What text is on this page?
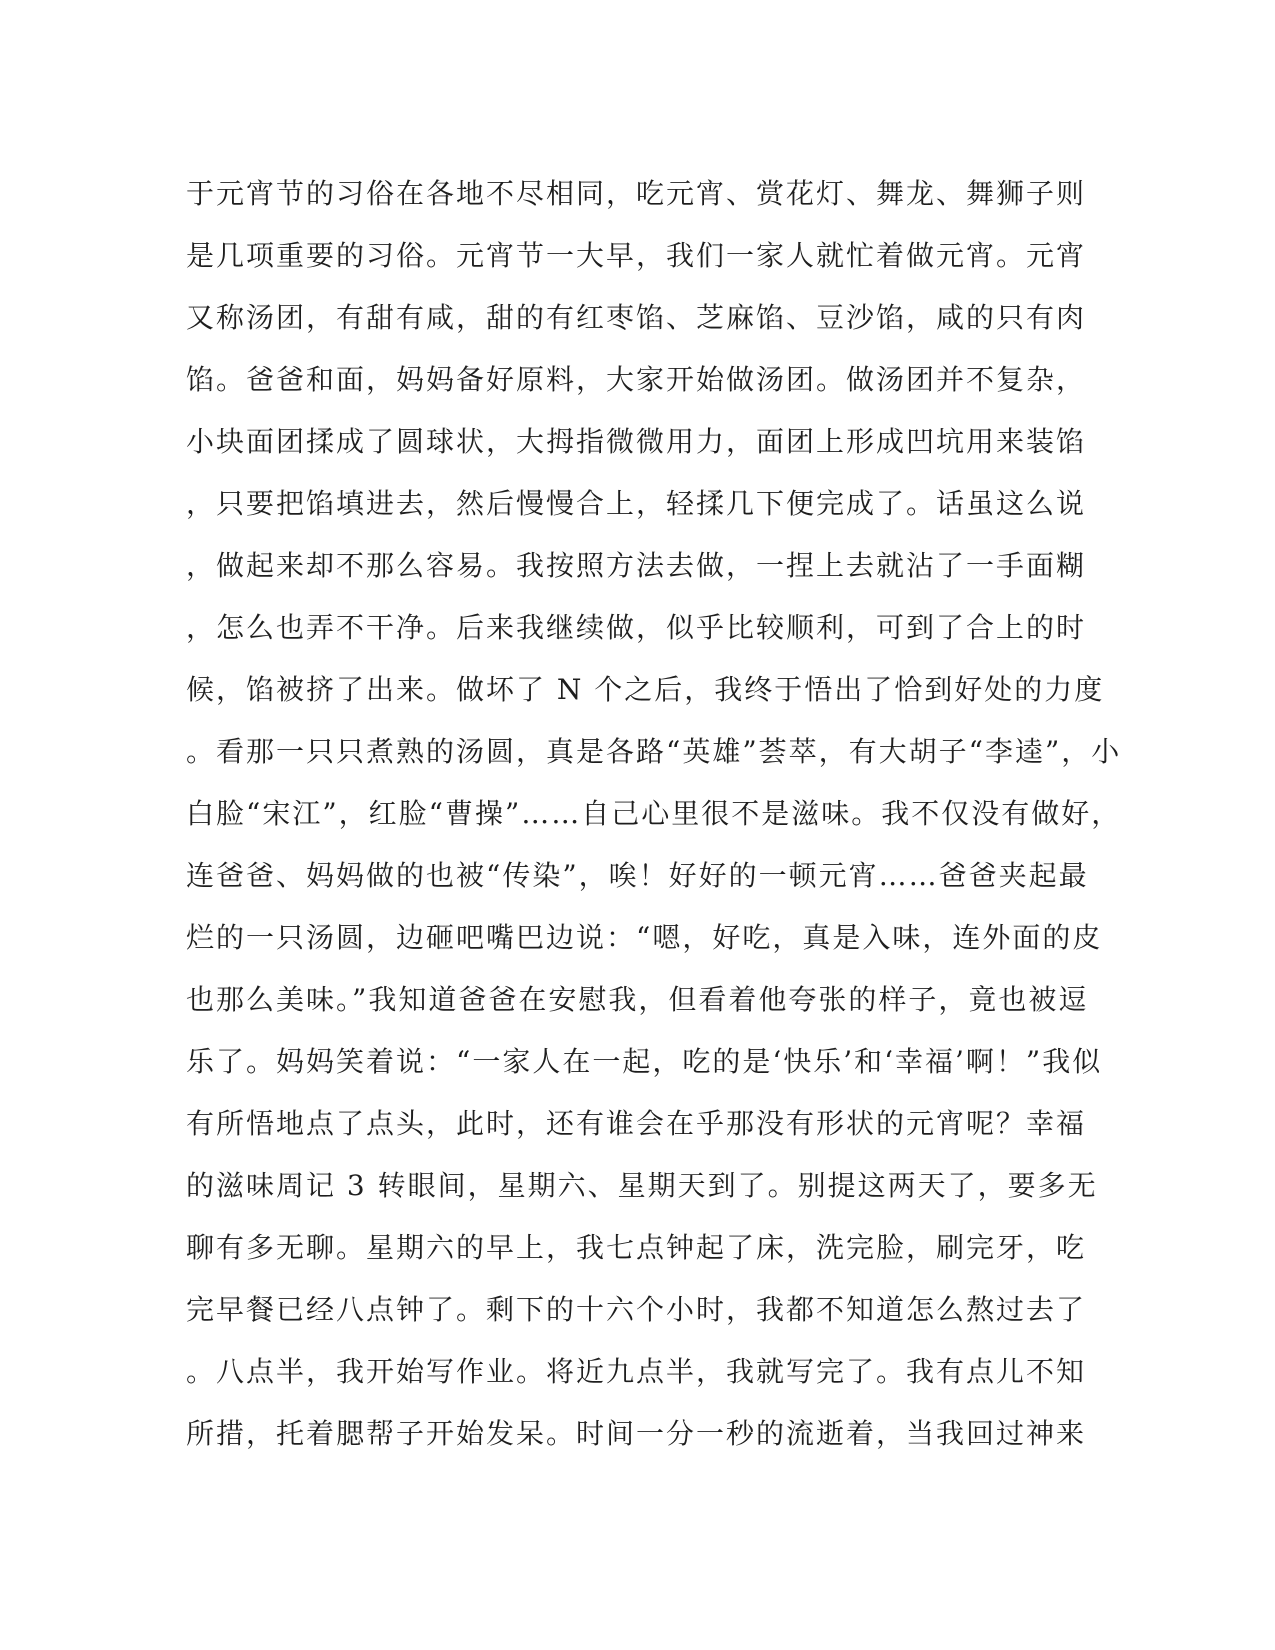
于元宵节的习俗在各地不尽相同，吃元宵、赏花灯、舞龙、舞狮子则
是几项重要的习俗。元宵节一大早，我们一家人就忙着做元宵。元宵
又称汤团，有甜有咸，甜的有红枣馅、芝麻馅、豆沙馅，咸的只有肉
馅。爸爸和面，妈妈备好原料，大家开始做汤团。做汤团并不复杂，
小块面团揉成了圆球状，大拇指微微用力，面团上形成凹坑用来装馅
，只要把馅填进去，然后慢慢合上，轻揉几下便完成了。话虽这么说
，做起来却不那么容易。我按照方法去做，一捏上去就沾了一手面糊
，怎么也弄不干净。后来我继续做，似乎比较顺利，可到了合上的时
候，馅被挤了出来。做坏了 N 个之后，我终于悟出了恰到好处的力度
。看那一只只煮熟的汤圆，真是各路“英雄”荟萃，有大胡子“李逵”，小
白脸“宋江”，红脸“曹操”……自己心里很不是滋味。我不仅没有做好，
连爸爸、妈妈做的也被“传染”，唉！好好的一顿元宵……爸爸夹起最
烂的一只汤圆，边砸吧嘴巴边说：“嗯，好吃，真是入味，连外面的皮
也那么美味。”我知道爸爸在安慰我，但看着他夸张的样子，竟也被逗
乐了。妈妈笑着说：“一家人在一起，吃的是‘快乐’和‘幸福’啊！”我似
有所悟地点了点头，此时，还有谁会在乎那没有形状的元宵呢？幸福
的滋味周记 3 转眼间，星期六、星期天到了。别提这两天了，要多无
聊有多无聊。星期六的早上，我七点钟起了床，洗完脸，刷完牙，吃
完早餐已经八点钟了。剩下的十六个小时，我都不知道怎么熬过去了
。八点半，我开始写作业。将近九点半，我就写完了。我有点儿不知
所措，托着腮帮子开始发呆。时间一分一秒的流逝着，当我回过神来
